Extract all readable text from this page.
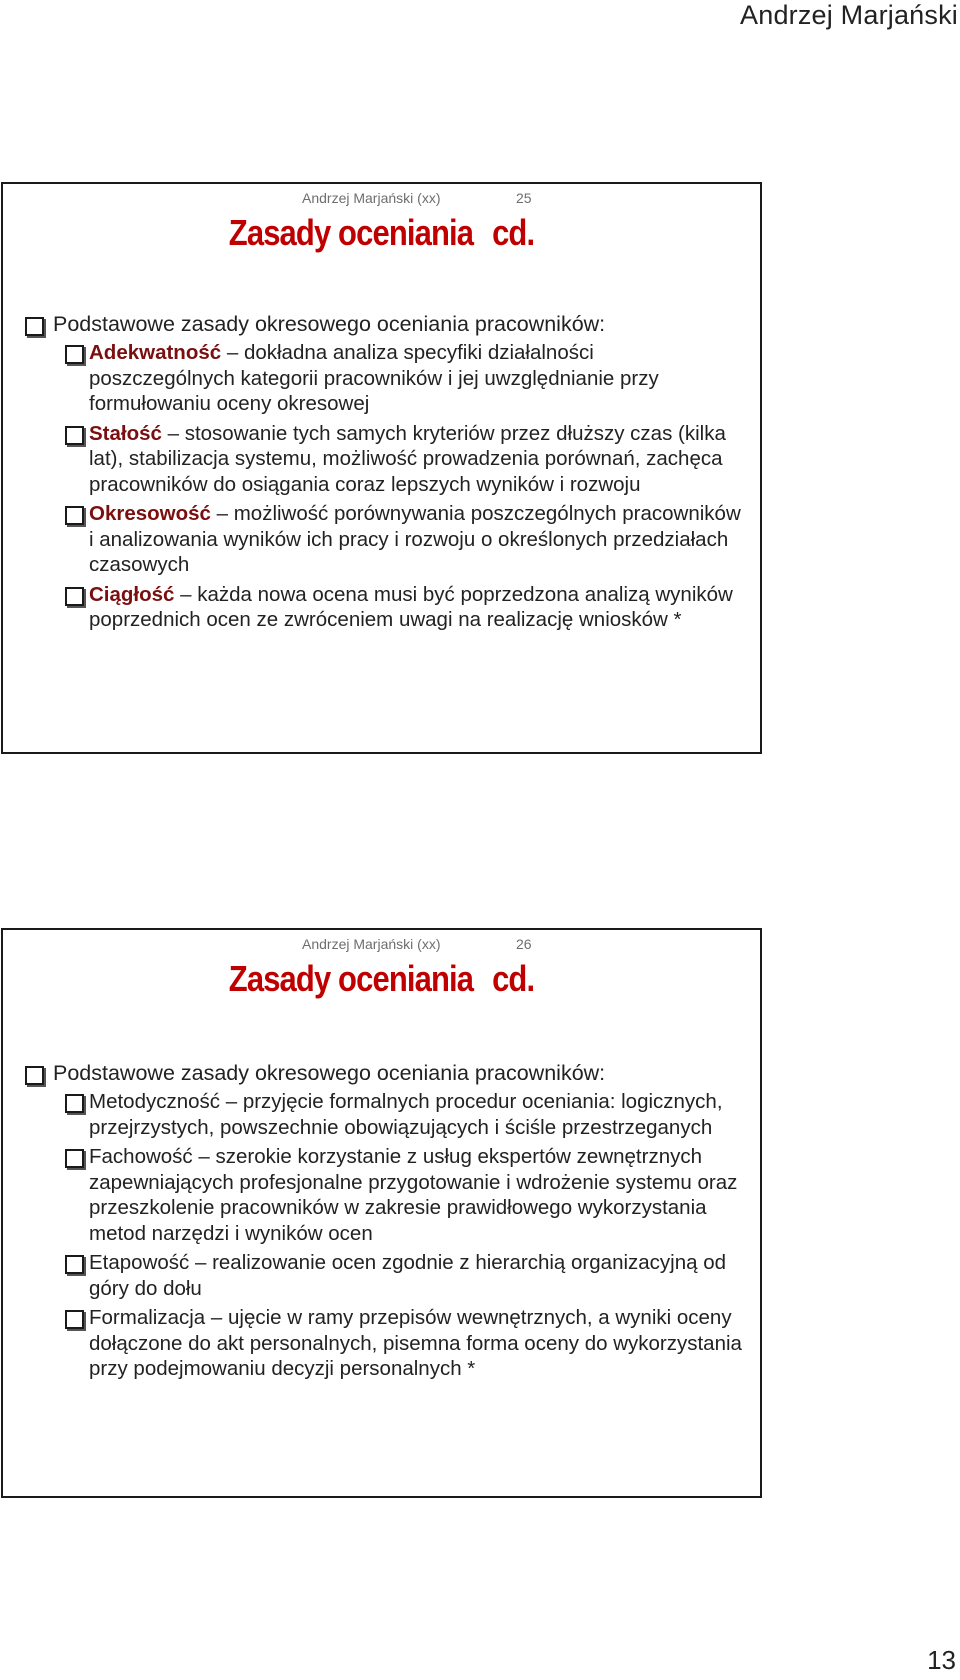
Andrzej Marjański
Andrzej Marjański (xx)	25
Zasady oceniania cd.
Podstawowe zasady okresowego oceniania pracowników:
Adekwatność – dokładna analiza specyfiki działalności poszczególnych kategorii pracowników i jej uwzględnianie przy formułowaniu oceny okresowej
Stałość – stosowanie tych samych kryteriów przez dłuższy czas (kilka lat), stabilizacja systemu, możliwość prowadzenia porównań, zachęca pracowników do osiągania coraz lepszych wyników i rozwoju
Okresowość – możliwość porównywania poszczególnych pracowników i analizowania wyników ich pracy i rozwoju o określonych przedziałach czasowych
Ciągłość – każda nowa ocena musi być poprzedzona analizą wyników poprzednich ocen ze zwróceniem uwagi na realizację wniosków *
Andrzej Marjański (xx)	26
Zasady oceniania cd.
Podstawowe zasady okresowego oceniania pracowników:
Metodyczność – przyjęcie formalnych procedur oceniania: logicznych, przejrzystych, powszechnie obowiązujących i ściśle przestrzeganych
Fachowość – szerokie korzystanie z usług ekspertów zewnętrznych zapewniających profesjonalne przygotowanie i wdrożenie systemu oraz przeszkolenie pracowników w zakresie prawidłowego wykorzystania metod narzędzi i wyników ocen
Etapowość – realizowanie ocen zgodnie z hierarchią organizacyjną od góry do dołu
Formalizacja – ujęcie w ramy przepisów wewnętrznych, a wyniki oceny dołączone do akt personalnych, pisemna forma oceny do wykorzystania przy podejmowaniu decyzji personalnych *
13
